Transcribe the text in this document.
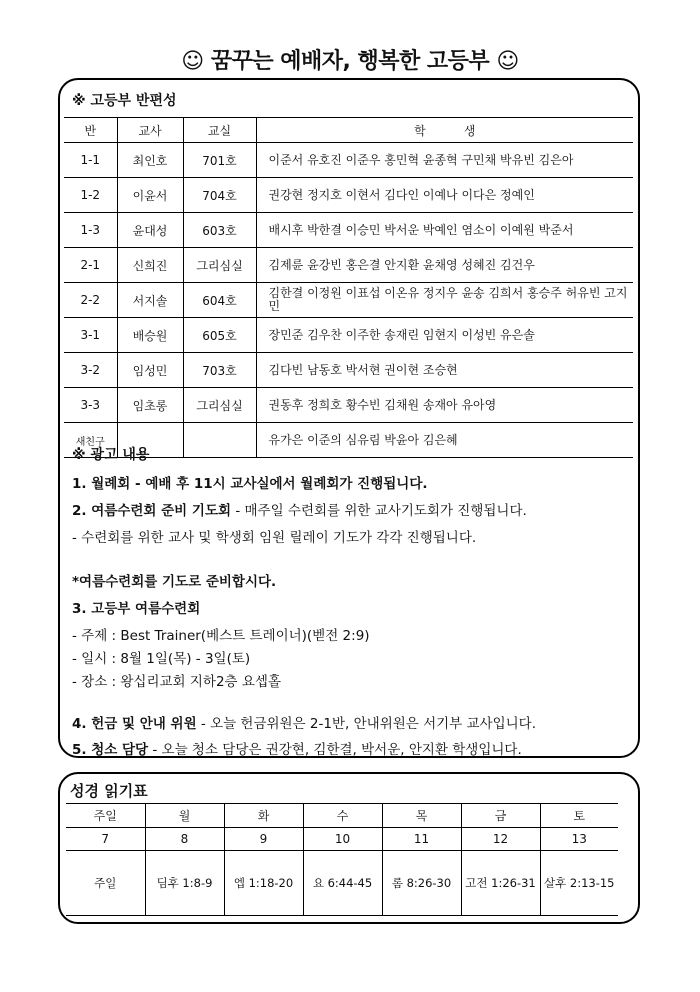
☺ 꿈꾸는 예배자, 행복한 고등부 ☺
※ 고등부 반편성
반	교사	교실	학          생
1-1	최인호	701호	이준서 유호진 이준우 홍민혁 윤종혁 구민채 박유빈 김은아
1-2	이윤서	704호	권강현 정지호 이현서 김다인 이예나 이다은 정예인
1-3	윤대성	603호	배시후 박한결 이승민 박서운 박예인 염소이 이예원 박준서
2-1	신희진	그리심실	김제륜 윤강빈 홍은결 안지환 윤채영 성혜진 김건우
2-2	서지솔	604호	김한결 이정원 이표섭 이온유 정지우 윤송 김희서 홍승주 허유빈 고지민
3-1	배승원	605호	장민준 김우찬 이주한 송재린 임현지 이성빈 유은솔
3-2	임성민	703호	김다빈 남동호 박서현 권이현 조승현
3-3	임초롱	그리심실	권동후 정희호 황수빈 김채원 송재아 유아영
새친구			유가은 이준의 심유림 박윤아 김은혜
※ 광고 내용
1. 월례회 - 예배 후 11시 교사실에서 월례회가 진행됩니다.
2. 여름수련회 준비 기도회 - 매주일 수련회를 위한 교사기도회가 진행됩니다.
- 수련회를 위한 교사 및 학생회 임원 릴레이 기도가 각각 진행됩니다.
*여름수련회를 기도로 준비합시다.
3. 고등부 여름수련회
- 주제 : Best Trainer(베스트 트레이너)(벧전 2:9)
- 일시 : 8월 1일(목) - 3일(토)
- 장소 : 왕십리교회 지하2층 요셉홀
4. 헌금 및 안내 위원 - 오늘 헌금위원은 2-1반, 안내위원은 서기부 교사입니다.
5. 청소 담당 - 오늘 청소 담당은 권강현, 김한결, 박서운, 안지환 학생입니다.
성경 읽기표
주일	월	화	수	목	금	토
7	8	9	10	11	12	13
주일	딤후 1:8-9	엡 1:18-20	요 6:44-45	롬 8:26-30	고전 1:26-31	살후 2:13-15
